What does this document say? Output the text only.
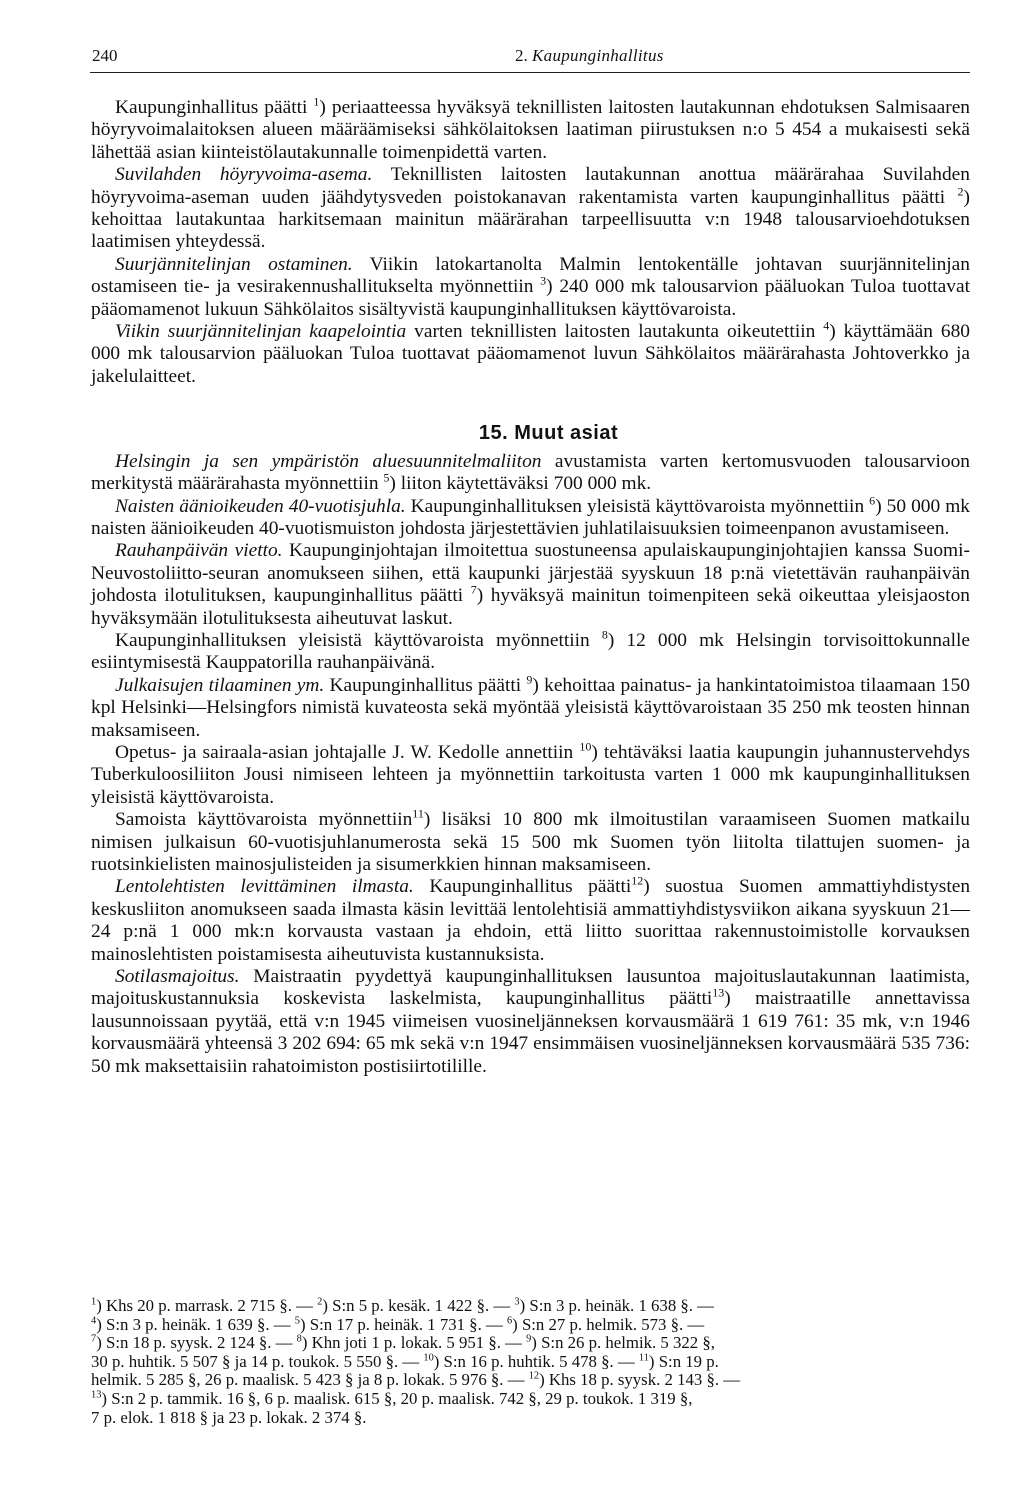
240	2. Kaupunginhallitus

Kaupunginhallitus päätti $^1$) periaatteessa hyväksyä teknillisten laitosten lautakunnan ehdotuksen Salmisaaren höyryvoimalaitoksen alueen määräämiseksi sähkölaitoksen laatiman piirustuksen n:o 5 454 a mukaisesti sekä lähettää asian kiinteistölautakunnalle toimenpidettä varten.

Suvilahden höyryvoima-asema. Teknillisten laitosten lautakunnan anottua määrärahaa Suvilahden höyryvoima-aseman uuden jäähdytysveden poistokanavan rakentamista varten kaupunginhallitus päätti $^2$) kehoittaa lautakuntaa harkitsemaan mainitun määrärahan tarpeellisuutta v:n 1948 talousarvioehdotuksen laatimisen yhteydessä.

Suurjännitelinjan ostaminen. Viikin latokartanolta Malmin lentokentälle johtavan suurjännitelinjan ostamiseen tie- ja vesirakennushallitukselta myönnettiin $^3$) 240 000 mk talousarvion pääluokan Tuloa tuottavat pääomamenot lukuun Sähkölaitos sisältyvistä kaupunginhallituksen käyttövaroista.

Viikin suurjännitelinjan kaapelointia varten teknillisten laitosten lautakunta oikeutettiin $^4$) käyttämään 680 000 mk talousarvion pääluokan Tuloa tuottavat pääomamenot luvun Sähkölaitos määrärahasta Johtoverkko ja jakelulaitteet.

15. Muut asiat

Helsingin ja sen ympäristön aluesuunnitelmaliiton avustamista varten kertomusvuoden talousarvioon merkitystä määrärahasta myönnettiin $^5$) liiton käytettäväksi 700 000 mk.

Naisten äänioikeuden 40-vuotisjuhla. Kaupunginhallituksen yleisistä käyttövaroista myönnettiin $^6$) 50 000 mk naisten äänioikeuden 40-vuotismuiston johdosta järjestettävien juhlatilaisuuksien toimeenpanon avustamiseen.

Rauhanpäivän vietto. Kaupunginjohtajan ilmoitettua suostuneensa apulaiskaupunginjohtajien kanssa Suomi-Neuvostoliitto-seuran anomukseen siihen, että kaupunki järjestää syyskuun 18 p:nä vietettävän rauhanpäivän johdosta ilotulituksen, kaupunginhallitus päätti $^7$) hyväksyä mainitun toimenpiteen sekä oikeuttaa yleisjaoston hyväksymään ilotulituksesta aiheutuvat laskut.

Kaupunginhallituksen yleisistä käyttövaroista myönnettiin $^8$) 12 000 mk Helsingin torvisoittokunnalle esiintymisestä Kauppatorilla rauhanpäivänä.

Julkaisujen tilaaminen ym. Kaupunginhallitus päätti $^9$) kehoittaa painatus- ja hankintatoimistoa tilaamaan 150 kpl Helsinki—Helsingfors nimistä kuvateosta sekä myöntää yleisistä käyttövaroistaan 35 250 mk teosten hinnan maksamiseen.

Opetus- ja sairaala-asian johtajalle J. W. Kedolle annettiin $^{10}$) tehtäväksi laatia kaupungin juhannustervehdys Tuberkuloosiliiton Jousi nimiseen lehteen ja myönnettiin tarkoitusta varten 1 000 mk kaupunginhallituksen yleisistä käyttövaroista.

Samoista käyttövaroista myönnettiin$^{11}$) lisäksi 10 800 mk ilmoitustilan varaamiseen Suomen matkailu nimisen julkaisun 60-vuotisjuhlanumerosta sekä 15 500 mk Suomen työn liitolta tilattujen suomen- ja ruotsinkielisten mainosjulisteiden ja sisumerkkien hinnan maksamiseen.

Lentolehtisten levittäminen ilmasta. Kaupunginhallitus päätti$^{12}$) suostua Suomen ammattiyhdistysten keskusliiton anomukseen saada ilmasta käsin levittää lentolehtisiä ammattiyhdistysviikon aikana syyskuun 21—24 p:nä 1 000 mk:n korvausta vastaan ja ehdoin, että liitto suorittaa rakennustoimistolle korvauksen mainoslehtisten poistamisesta aiheutuvista kustannuksista.

Sotilasmajoitus. Maistraatin pyydettyä kaupunginhallituksen lausuntoa majoituslautakunnan laatimista, majoituskustannuksia koskevista laskelmista, kaupunginhallitus päätti$^{13}$) maistraatille annettavissa lausunnoissaan pyytää, että v:n 1945 viimeisen vuosineljänneksen korvausmäärä 1 619 761: 35 mk, v:n 1946 korvausmäärä yhteensä 3 202 694: 65 mk sekä v:n 1947 ensimmäisen vuosineljänneksen korvausmäärä 535 736: 50 mk maksettaisiin rahatoimiston postisiirtotilille.

$^1$) Khs 20 p. marrask. 2 715 §. — $^2$) S:n 5 p. kesäk. 1 422 §. — $^3$) S:n 3 p. heinäk. 1 638 §. —
$^4$) S:n 3 p. heinäk. 1 639 §. — $^5$) S:n 17 p. heinäk. 1 731 §. — $^6$) S:n 27 p. helmik. 573 §. —
$^7$) S:n 18 p. syysk. 2 124 §. — $^8$) Khn joti 1 p. lokak. 5 951 §. — $^9$) S:n 26 p. helmik. 5 322 §,
30 p. huhtik. 5 507 § ja 14 p. toukok. 5 550 §. — $^{10}$) S:n 16 p. huhtik. 5 478 §. — $^{11}$) S:n 19 p.
helmik. 5 285 §, 26 p. maalisk. 5 423 § ja 8 p. lokak. 5 976 §. — $^{12}$) Khs 18 p. syysk. 2 143 §. —
$^{13}$) S:n 2 p. tammik. 16 §, 6 p. maalisk. 615 §, 20 p. maalisk. 742 §, 29 p. toukok. 1 319 §,
7 p. elok. 1 818 § ja 23 p. lokak. 2 374 §.
